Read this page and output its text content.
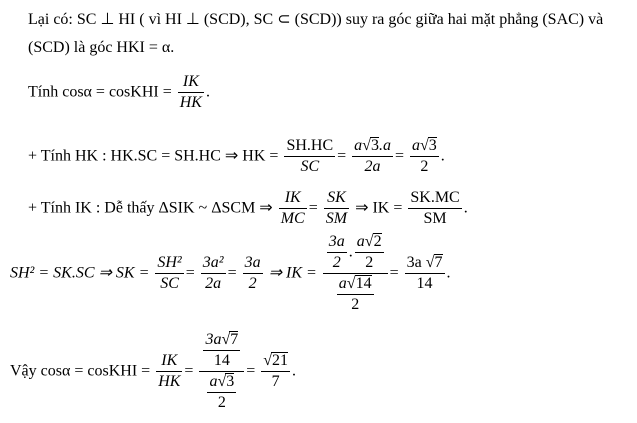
Lại có: SC ⊥ HI ( vì HI ⊥ (SCD), SC ⊂ (SCD)) suy ra góc giữa hai mặt phẳng (SAC) và
(SCD) là góc HKI = α.
Tính cosα = cosKHI = $\frac{IK}{HK}$ .
+ Tính HK : HK.SC = SH.HC ⇒ HK = $\frac{SH.HC}{SC} = \frac{a√3.a}{2a} = \frac{a√3}{2}$ .
+ Tính IK : Dễ thấy ΔSIK ~ ΔSCM ⇒ $\frac{IK}{MC} = \frac{SK}{SM}$ ⇒ IK = $\frac{SK.MC}{SM}$ .
SH² = SK.SC ⇒ SK = $\frac{\text{SH²}}{SC} = \frac{\text{3a²}}{2a} = \frac{3a}{2}$ ⇒ IK = $\frac{\frac{3a}{2} . \frac{a√2}{2}}{\frac{a√14}{2}} = \frac{3a √7}{14}$ .
Vậy cosα = cosKHI = $\frac{IK}{HK} = \frac{\frac{3a√7}{14}}{\frac{a√3}{2}} = \frac{√21}{7}$ .
